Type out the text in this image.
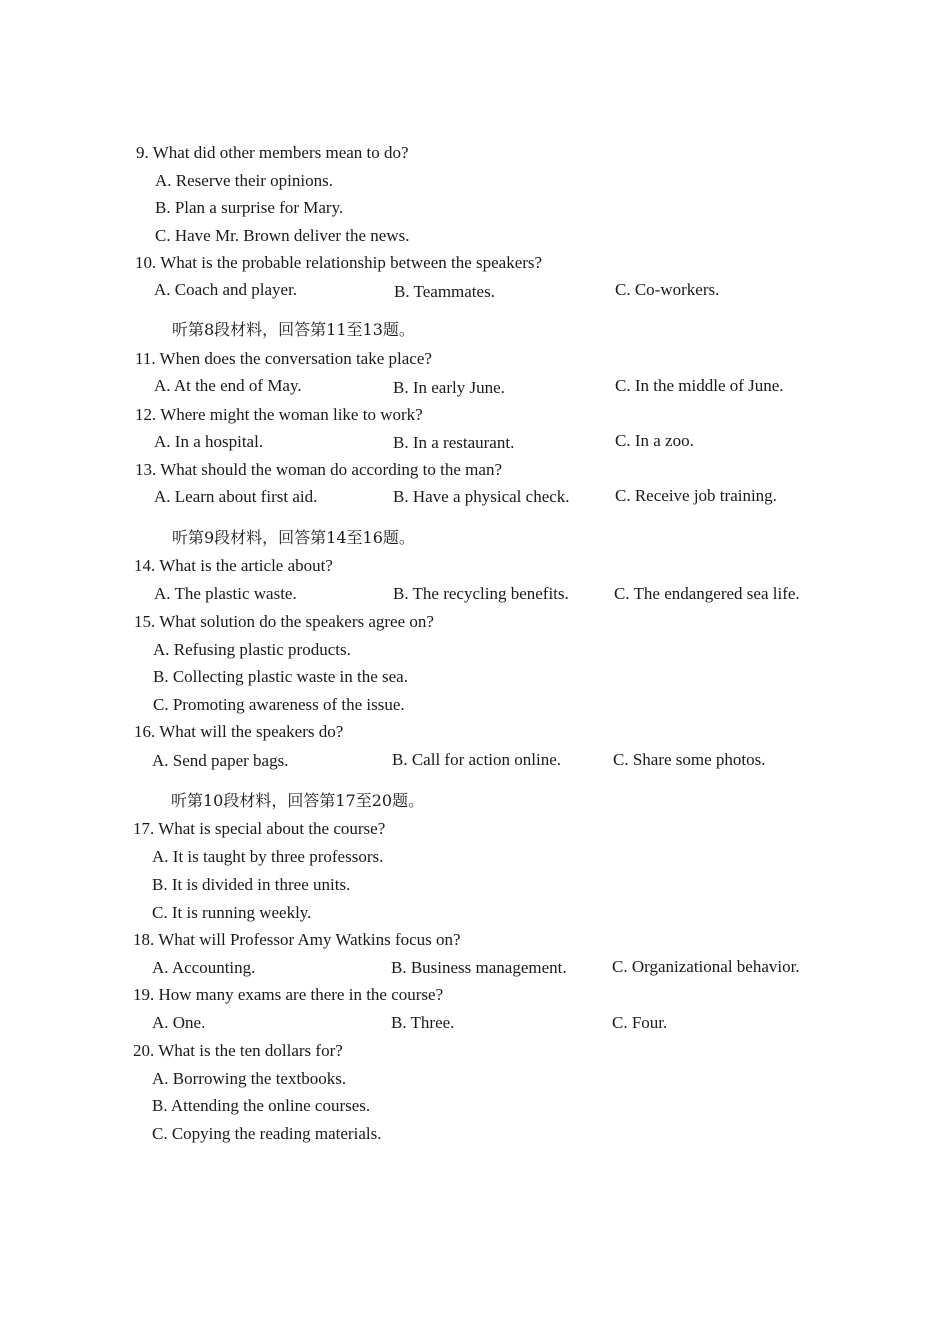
9. What did other members mean to do?
A. Reserve their opinions.
B. Plan a surprise for Mary.
C. Have Mr. Brown deliver the news.
10. What is the probable relationship between the speakers?
A. Coach and player.	B. Teammates.	C. Co-workers.
听第8段材料，回答第11至13题。
11. When does the conversation take place?
A. At the end of May.	B. In early June.	C. In the middle of June.
12. Where might the woman like to work?
A. In a hospital.	B. In a restaurant.	C. In a zoo.
13. What should the woman do according to the man?
A. Learn about first aid.	B. Have a physical check.	C. Receive job training.
听第9段材料，回答第14至16题。
14. What is the article about?
A. The plastic waste.	B. The recycling benefits.	C. The endangered sea life.
15. What solution do the speakers agree on?
A. Refusing plastic products.
B. Collecting plastic waste in the sea.
C. Promoting awareness of the issue.
16. What will the speakers do?
A. Send paper bags.	B. Call for action online.	C. Share some photos.
听第10段材料，回答第17至20题。
17. What is special about the course?
A. It is taught by three professors.
B. It is divided in three units.
C. It is running weekly.
18. What will Professor Amy Watkins focus on?
A. Accounting.	B. Business management.	C. Organizational behavior.
19. How many exams are there in the course?
A. One.	B. Three.	C. Four.
20. What is the ten dollars for?
A. Borrowing the textbooks.
B. Attending the online courses.
C. Copying the reading materials.
